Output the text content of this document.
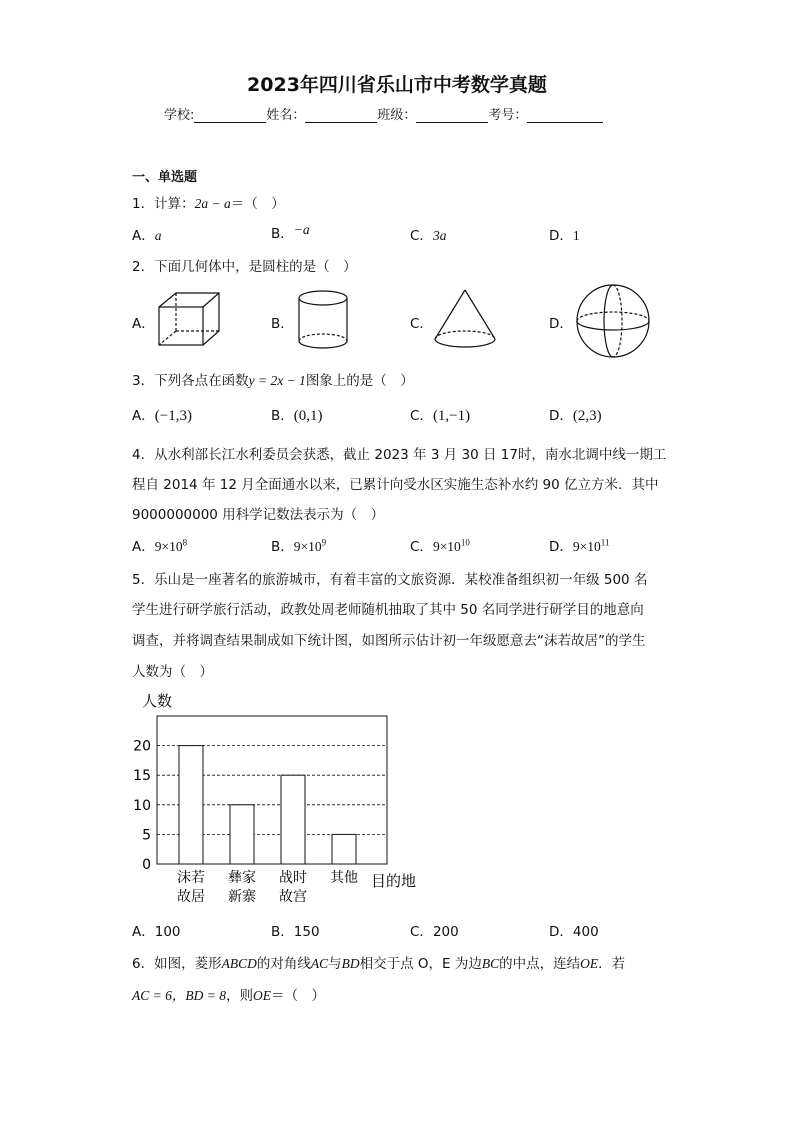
2023年四川省乐山市中考数学真题
学校:	姓名：	班级：	考号：
一、单选题
1．计算：2a − a＝（　）
A．a	B．−a	C．3a	D．1
2．下面几何体中，是圆柱的是（　）
A．	B．	C．	D．
3．下列各点在函数y = 2x − 1图象上的是（　）
A．(−1,3)	B．(0,1)	C．(1,−1)	D．(2,3)
4．从水利部长江水利委员会获悉，截止 2023 年 3 月 30 日 17时，南水北调中线一期工
程自 2014 年 12 月全面通水以来，已累计向受水区实施生态补水约 90 亿立方米．其中
9000000000 用科学记数法表示为（　）
A．$9\times 10^8$	B．$9\times 10^9$	C．$9\times 10^{10}$	D．$9\times 10^{11}$
5．乐山是一座著名的旅游城市，有着丰富的文旅资源．某校准备组织初一年级 500 名
学生进行研学旅行活动，政教处周老师随机抽取了其中 50 名同学进行研学目的地意向
调查，并将调查结果制成如下统计图，如图所示估计初一年级愿意去“沫若故居”的学生
人数为（　）
人数
0
5
10
15
20
沫若
故居
彝家
新寨
战时
故宫
其他 目的地
A．100	B．150	C．200	D．400
6．如图，菱形ABCD的对角线AC与BD相交于点 O，E 为边BC的中点，连结OE．若
AC = 6，BD = 8，则OE＝（　）
